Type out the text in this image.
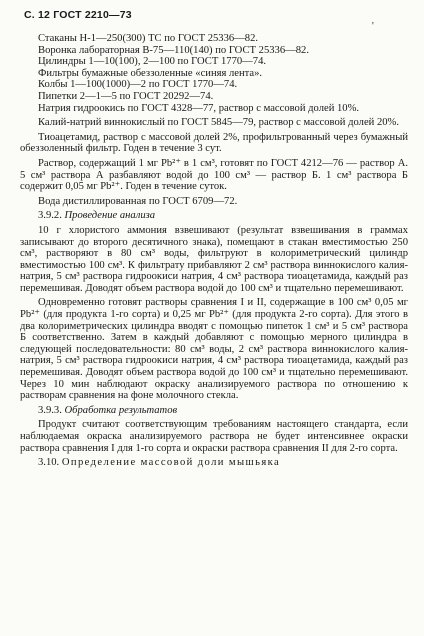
С. 12 ГОСТ 2210—73
'

Стаканы Н-1—250(300) ТС по ГОСТ 25336—82.

Воронка лабораторная В-75—110(140) по ГОСТ 25336—82.

Цилиндры 1—10(100), 2—100 по ГОСТ 1770—74.

Фильтры бумажные обеззоленные «синяя лента».

Колбы 1—100(1000)—2 по ГОСТ 1770—74.

Пипетки 2—1—5 по ГОСТ 20292—74.

Натрия гидроокись по ГОСТ 4328—77, раствор с массовой долей 10%.

Калий-натрий виннокислый по ГОСТ 5845—79, раствор с массовой долей 20%.

Тиоацетамид, раствор с массовой долей 2%, профильтрованный через бумажный обеззоленный фильтр. Годен в течение 3 сут.

Раствор, содержащий 1 мг Pb²⁺ в 1 см³, готовят по ГОСТ 4212—76 — раствор А. 5 см³ раствора А разбавляют водой до 100 см³ — раствор Б. 1 см³ раствора Б содержит 0,05 мг Pb²⁺. Годен в течение суток.

Вода дистиллированная по ГОСТ 6709—72.

3.9.2. Проведение анализа

10 г хлористого аммония взвешивают (результат взвешивания в граммах записывают до второго десятичного знака), помещают в стакан вместимостью 250 см³, растворяют в 80 см³ воды, фильтруют в колориметрический цилиндр вместимостью 100 см³. К фильтрату прибавляют 2 см³ раствора виннокислого калия-натрия, 5 см³ раствора гидроокиси натрия, 4 см³ раствора тиоацетамида, каждый раз перемешивая. Доводят объем раствора водой до 100 см³ и тщательно перемешивают.

Одновременно готовят растворы сравнения I и II, содержащие в 100 см³ 0,05 мг Pb²⁺ (для продукта 1-го сорта) и 0,25 мг Pb²⁺ (для продукта 2-го сорта). Для этого в два колориметрических цилиндра вводят с помощью пипеток 1 см³ и 5 см³ раствора Б соответственно. Затем в каждый добавляют с помощью мерного цилиндра в следующей последовательности: 80 см³ воды, 2 см³ раствора виннокислого калия-натрия, 5 см³ раствора гидроокиси натрия, 4 см³ раствора тиоацетамида, каждый раз перемешивая. Доводят объем раствора водой до 100 см³ и тщательно перемешивают. Через 10 мин наблюдают окраску анализируемого раствора по отношению к растворам сравнения на фоне молочного стекла.

3.9.3. Обработка результатов

Продукт считают соответствующим требованиям настоящего стандарта, если наблюдаемая окраска анализируемого раствора не будет интенсивнее окраски раствора сравнения I для 1-го сорта и окраски раствора сравнения II для 2-го сорта.

3.10. Определение массовой доли мышьяка
